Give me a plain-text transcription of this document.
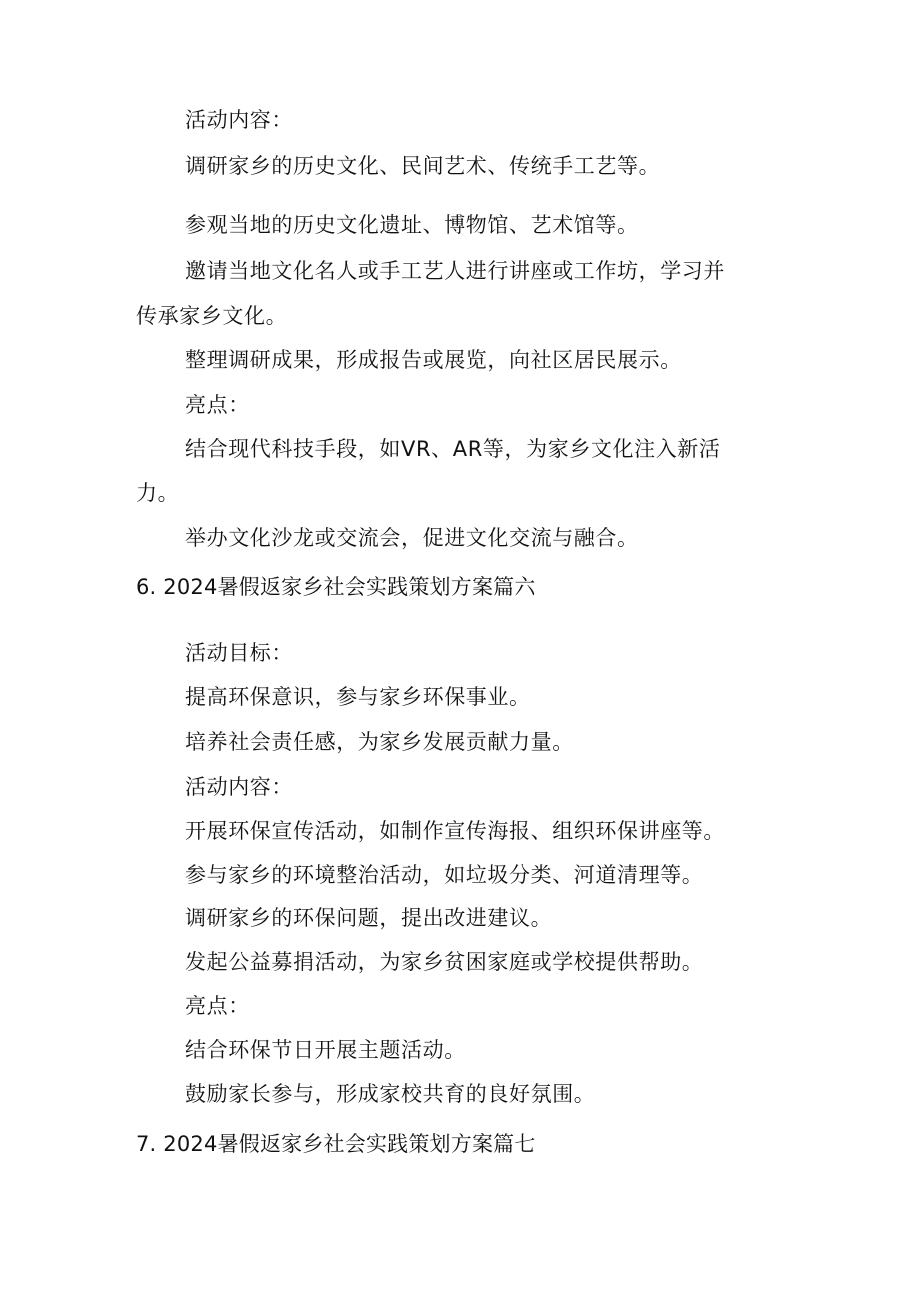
活动内容：
调研家乡的历史文化、民间艺术、传统手工艺等。
参观当地的历史文化遗址、博物馆、艺术馆等。
邀请当地文化名人或手工艺人进行讲座或工作坊，学习并
传承家乡文化。
整理调研成果，形成报告或展览，向社区居民展示。
亮点：
结合现代科技手段，如VR、AR等，为家乡文化注入新活
力。
举办文化沙龙或交流会，促进文化交流与融合。
6. 2024暑假返家乡社会实践策划方案篇六
活动目标：
提高环保意识，参与家乡环保事业。
培养社会责任感，为家乡发展贡献力量。
活动内容：
开展环保宣传活动，如制作宣传海报、组织环保讲座等。
参与家乡的环境整治活动，如垃圾分类、河道清理等。
调研家乡的环保问题，提出改进建议。
发起公益募捐活动，为家乡贫困家庭或学校提供帮助。
亮点：
结合环保节日开展主题活动。
鼓励家长参与，形成家校共育的良好氛围。
7. 2024暑假返家乡社会实践策划方案篇七
